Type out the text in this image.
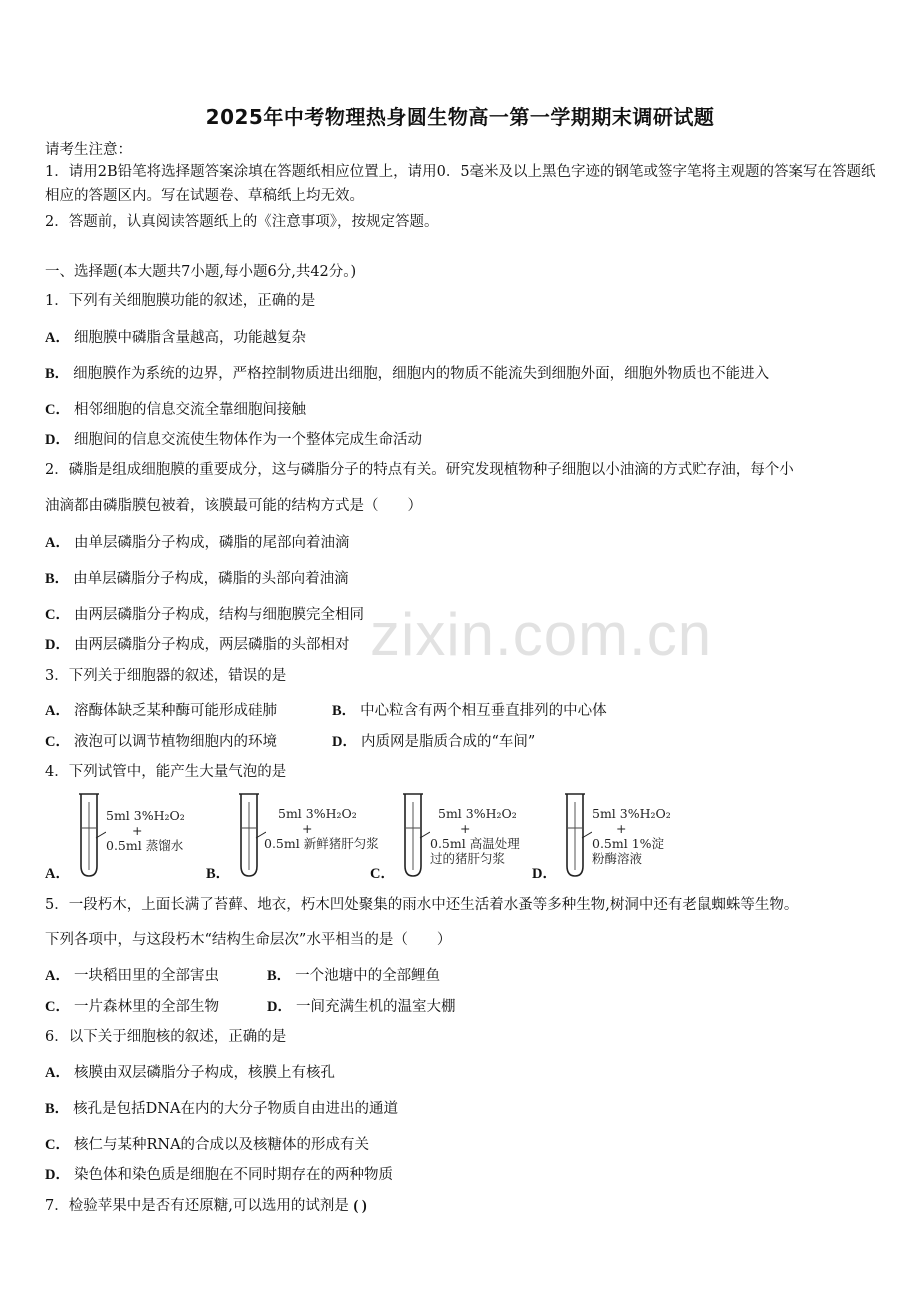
zixin.com.cn
2025年中考物理热身圆生物高一第一学期期末调研试题
请考生注意：
1．请用2B铅笔将选择题答案涂填在答题纸相应位置上，请用0．5毫米及以上黑色字迹的钢笔或签字笔将主观题的答案写在答题纸相应的答题区内。写在试题卷、草稿纸上均无效。
2．答题前，认真阅读答题纸上的《注意事项》，按规定答题。
一、选择题(本大题共7小题,每小题6分,共42分。)
1．下列有关细胞膜功能的叙述，正确的是
A． 细胞膜中磷脂含量越高，功能越复杂
B． 细胞膜作为系统的边界，严格控制物质进出细胞，细胞内的物质不能流失到细胞外面，细胞外物质也不能进入
C． 相邻细胞的信息交流全靠细胞间接触
D． 细胞间的信息交流使生物体作为一个整体完成生命活动
2．磷脂是组成细胞膜的重要成分，这与磷脂分子的特点有关。研究发现植物种子细胞以小油滴的方式贮存油，每个小
油滴都由磷脂膜包被着，该膜最可能的结构方式是（　　）
A． 由单层磷脂分子构成，磷脂的尾部向着油滴
B． 由单层磷脂分子构成，磷脂的头部向着油滴
C． 由两层磷脂分子构成，结构与细胞膜完全相同
D． 由两层磷脂分子构成，两层磷脂的头部相对
3．下列关于细胞器的叙述，错误的是
A． 溶酶体缺乏某种酶可能形成硅肺	B． 中心粒含有两个相互垂直排列的中心体
C． 液泡可以调节植物细胞内的环境	D． 内质网是脂质合成的“车间”
4．下列试管中，能产生大量气泡的是
A．
5ml 3%H₂O₂
+
0.5ml 蒸馏水
B．
5ml 3%H₂O₂
+
0.5ml 新鲜猪肝匀浆
C．
5ml 3%H₂O₂
+
0.5ml 高温处理
过的猪肝匀浆
D．
5ml 3%H₂O₂
+
0.5ml 1%淀
粉酶溶液
5．一段朽木，上面长满了苔藓、地衣，朽木凹处聚集的雨水中还生活着水蚤等多种生物,树洞中还有老鼠蜘蛛等生物。
下列各项中，与这段朽木“结构生命层次”水平相当的是（　　）
A． 一块稻田里的全部害虫	B． 一个池塘中的全部鲤鱼
C． 一片森林里的全部生物	D． 一间充满生机的温室大棚
6．以下关于细胞核的叙述，正确的是
A． 核膜由双层磷脂分子构成，核膜上有核孔
B． 核孔是包括DNA在内的大分子物质自由进出的通道
C． 核仁与某种RNA的合成以及核糖体的形成有关
D． 染色体和染色质是细胞在不同时期存在的两种物质
7．检验苹果中是否有还原糖,可以选用的试剂是 ( )
